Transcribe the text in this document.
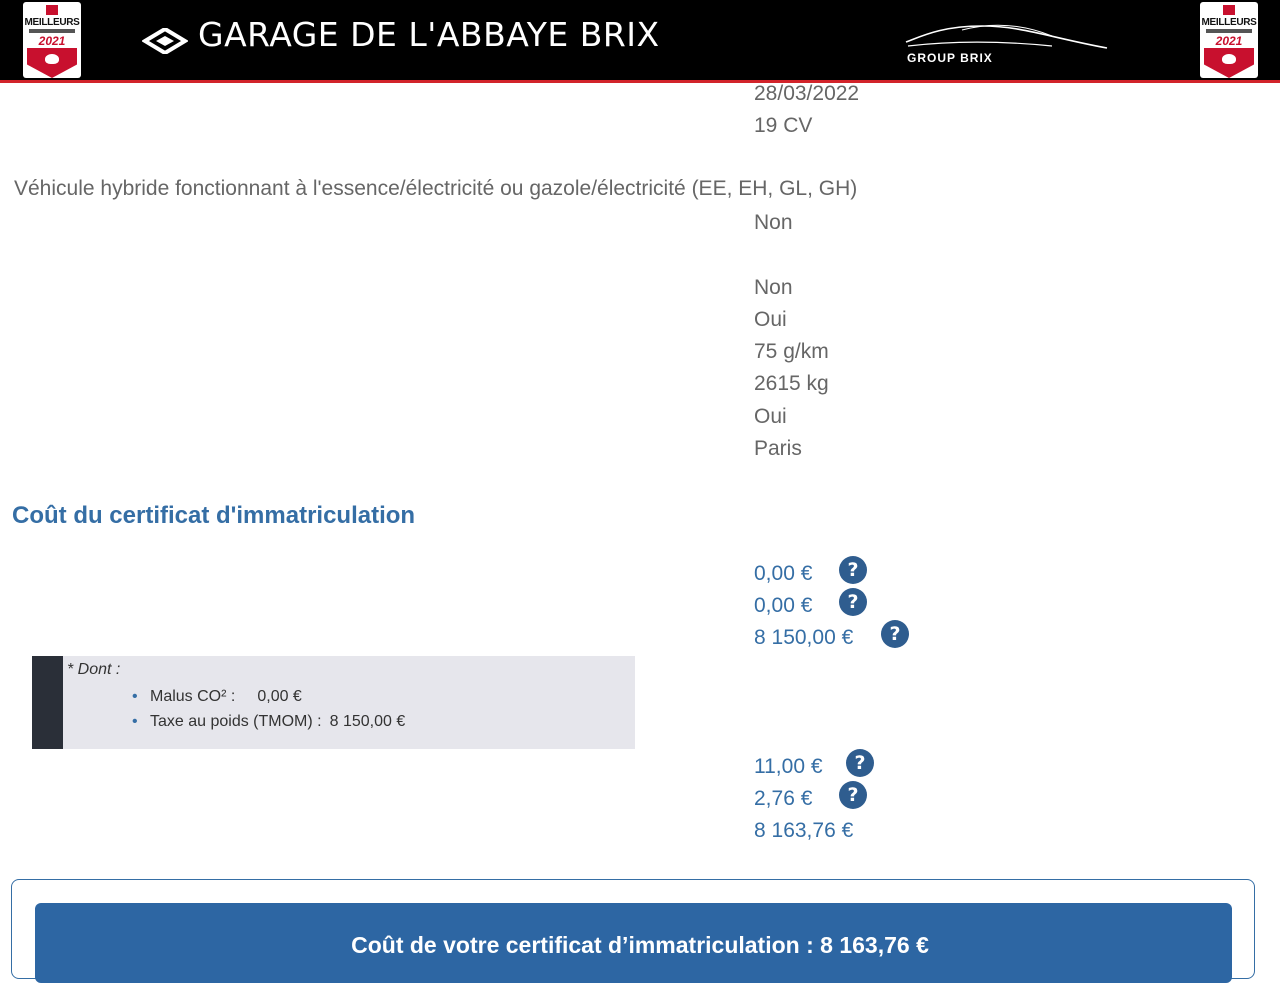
MEILLEURS
2021	GARAGE DE L'ABBAYE BRIX
GROUP BRIX
MEILLEURS
2021
28/03/2022
19 CV
Véhicule hybride fonctionnant à l'essence/électricité ou gazole/électricité (EE, EH, GL, GH)
Non
Non
Oui
75 g/km
2615 kg
Oui
Paris
Coût du certificat d'immatriculation
0,00 €	?
0,00 €	?
8 150,00 €	?
* Dont :
• Malus CO² : 0,00 €
• Taxe au poids (TMOM) : 8 150,00 €
11,00 €	?
2,76 €	?
8 163,76 €
Coût de votre certificat d’immatriculation : 8 163,76 €
